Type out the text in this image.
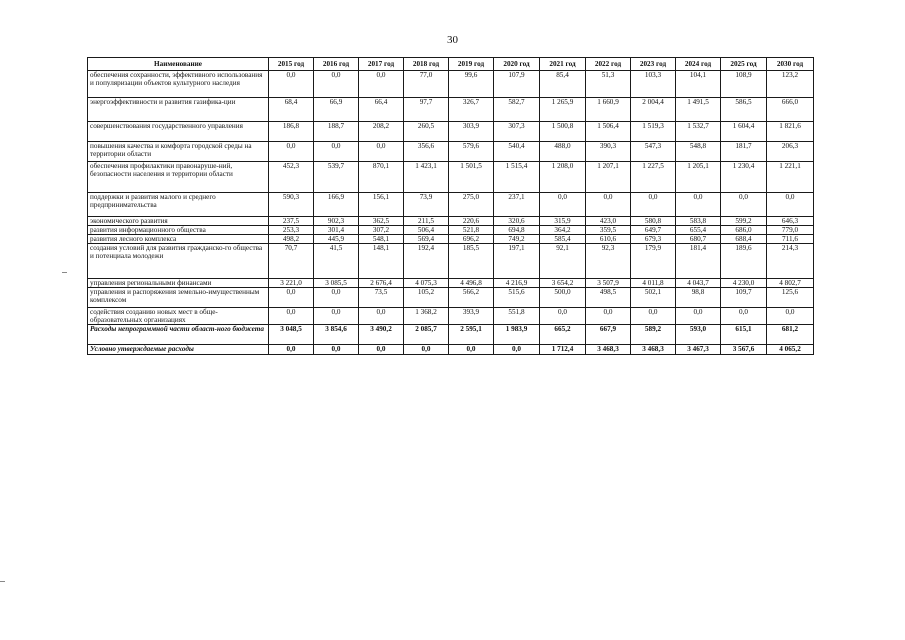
30
Наименование	2015 год	2016 год	2017 год	2018 год	2019 год	2020 год	2021 год	2022 год	2023 год	2024 год	2025 год	2030 год
обеспечения сохранности, эффективного использования и популяризации объектов культурного наследия	0,0	0,0	0,0	77,0	99,6	107,9	85,4	51,3	103,3	104,1	108,9	123,2
энергоэффективности и развития газифика-ции	68,4	66,9	66,4	97,7	326,7	582,7	1 265,9	1 660,9	2 004,4	1 491,5	586,5	666,0
совершенствования государственного управления	186,8	188,7	208,2	260,5	303,9	307,3	1 500,8	1 506,4	1 519,3	1 532,7	1 604,4	1 821,6
повышения качества и комфорта городской среды на территории области	0,0	0,0	0,0	356,6	579,6	540,4	488,0	390,3	547,3	548,8	181,7	206,3
обеспечения профилактики правонаруше-ний, безопасности населения и территории области	452,3	539,7	870,1	1 423,1	1 501,5	1 515,4	1 208,0	1 207,1	1 227,5	1 205,1	1 230,4	1 221,1
поддержки и развития малого и среднего предпринимательства	590,3	166,9	156,1	73,9	275,0	237,1	0,0	0,0	0,0	0,0	0,0	0,0
экономического развития	237,5	902,3	362,5	211,5	220,6	320,6	315,9	423,0	580,8	583,8	599,2	646,3
развития информационного общества	253,3	301,4	307,2	506,4	521,8	694,8	364,2	359,5	649,7	655,4	686,0	779,0
развития лесного комплекса	498,2	445,9	548,1	569,4	696,2	749,2	585,4	610,6	679,3	680,7	688,4	711,6
создания условий для развития гражданско-го общества и потенциала молодежи	70,7	41,5	148,1	192,4	185,5	197,1	92,1	92,3	179,9	181,4	189,6	214,3
управления региональными финансами	3 221,0	3 085,5	2 676,4	4 075,3	4 496,8	4 216,9	3 654,2	3 507,9	4 011,8	4 043,7	4 230,0	4 802,7
управления и распоряжения земельно-имущественным комплексом	0,0	0,0	73,5	105,2	566,2	515,6	500,0	498,5	502,1	98,8	109,7	125,6
содействия созданию новых мест в обще-образовательных организациях	0,0	0,0	0,0	1 368,2	393,9	551,8	0,0	0,0	0,0	0,0	0,0	0,0
Расходы непрограммной части област-ного бюджета	3 048,5	3 854,6	3 490,2	2 085,7	2 595,1	1 983,9	665,2	667,9	589,2	593,0	615,1	681,2
Условно утверждаемые расходы	0,0	0,0	0,0	0,0	0,0	0,0	1 712,4	3 468,3	3 468,3	3 467,3	3 567,6	4 065,2
